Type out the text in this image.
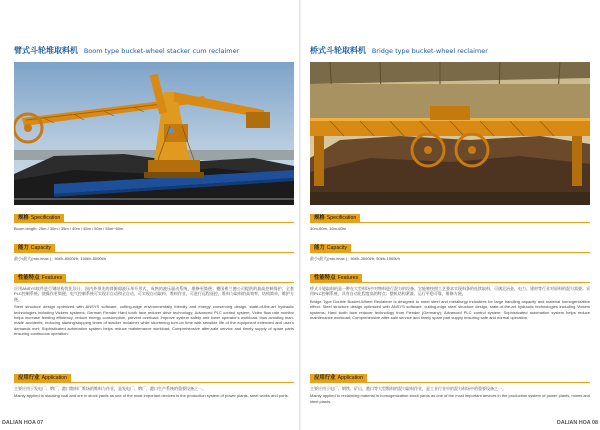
臂式斗轮堆取料机 Boom type bucket-wheel stacker cum reclaimer
规格 Specification
Boom length: 25m / 30m / 35m / 40m / 45m / 50m / 55m~60m
能力 Capacity
最小/最大(min./max.) : 50t/h-8000t/h; 150t/h-5000t/h
性能特点 Features

应用ANSYS软件进行钢结构优化设计，国内外领先的斜俯仰液压举升形式，成熟的液压驱动系统，维修更简便；德国弗兰德公司提供的最高控制保护；全套PLC控制系统，使操作更简便，电气控制系统可实现半自动和全自动，可实现自动取料、堆料作业，可进行远程遥控，堆料与取料的高效率，结构简单，维护方便。

Steel structure design optimized with ANSYS software, cutting-edge environmentally friendly and energy conserving design, state-of-the-art hydraulic technologies including Vickers systems; German Flender Hard tooth face reducer drive technology; Advanced PLC control system; Video flow rate monitor helps increase feeding efficiency, reduce energy consumption, prevent overload; Improve system safety and lower operator's workload, thus avoiding man-made accidents; reducing starting/stopping times of stacker reclaimer while shortening turn-on time with sensible life of the equipment extended and user's demands met; Sophisticated automation system helps reduce maintenance workload; Comprehensive after-sale service and timely supply of spare parts ensuring continuous operation.

应用行业 Application

主要应用于发电厂、钢厂、港口散料厂堆场的堆料与作业，是发电厂、钢厂、港口生产系统的重要设备之一。

Mainly applied to stacking coal and ore in stock yards as one of the most important devices in the production system of power plants, steel works and ports.

桥式斗轮取料机 Bridge type bucket-wheel reclaimer
规格 Specification
30m-60m, 16m-60m
能力 Capacity
最小/最大(min./max.) : 50t/h-3000t/h; 50t/h-1500t/h
性能特点 Features

桥式斗轮取料机是一种在大型料场中对物料进行混匀的设备。它能够按照工艺要求实现料条的连续取料，可满足冶金、电力、建材等行业对原料的混匀需要；采用PLC控制系统，具有自动化程度高的特点；整机结构紧凑，运行平稳可靠，维修方便。

Bridge Type Double Bucket-Wheel Reclaimer is designed to meet steel and metallurgy industries for large handling capacity and material homogenization effect. Steel structure design optimized with ANSYS software, cutting-edge steel structure design, state-of-the-art hydraulic technologies including Vickers systems; Hard tooth face reducer technology from Flender (Germany); Advanced PLC control system; Sophisticated automation system helps reduce maintenance workload; Comprehensive after-sale service and timely spare part supply ensuring safe and normal operation.

应用行业 Application

主要应用于电厂、钢铁、矿山、港口等大型散料的混匀取料作业，是工业行业中的混匀料场中的重要设备之一。

Mainly applied to reclaiming material in homogenization stock yards as one of the most important devices in the production system of power plants, mines and steel plants.

DALIAN HOA 07	DALIAN HOA 08
